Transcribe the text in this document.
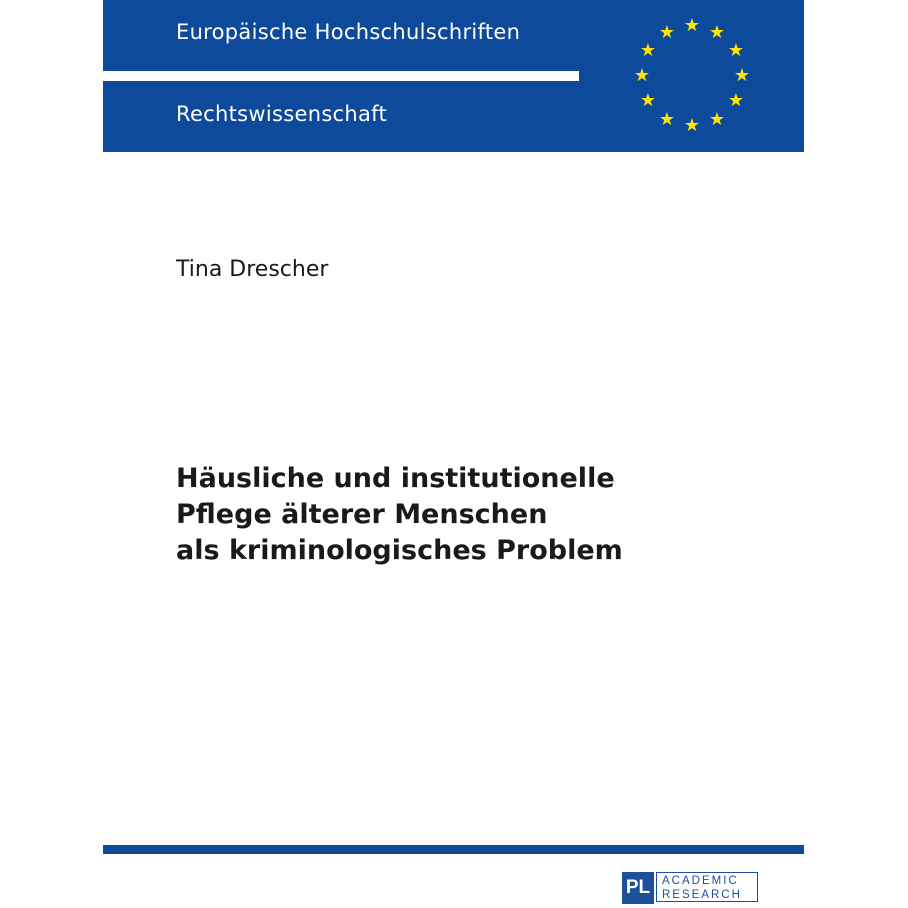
Europäische Hochschulschriften
Rechtswissenschaft
★ ★
★
★
★
★
★
★
★
★
★
★
Tina Drescher
Häusliche und institutionelle
Pflege älterer Menschen
als kriminologisches Problem
PL	ACADEMIC
RESEARCH
